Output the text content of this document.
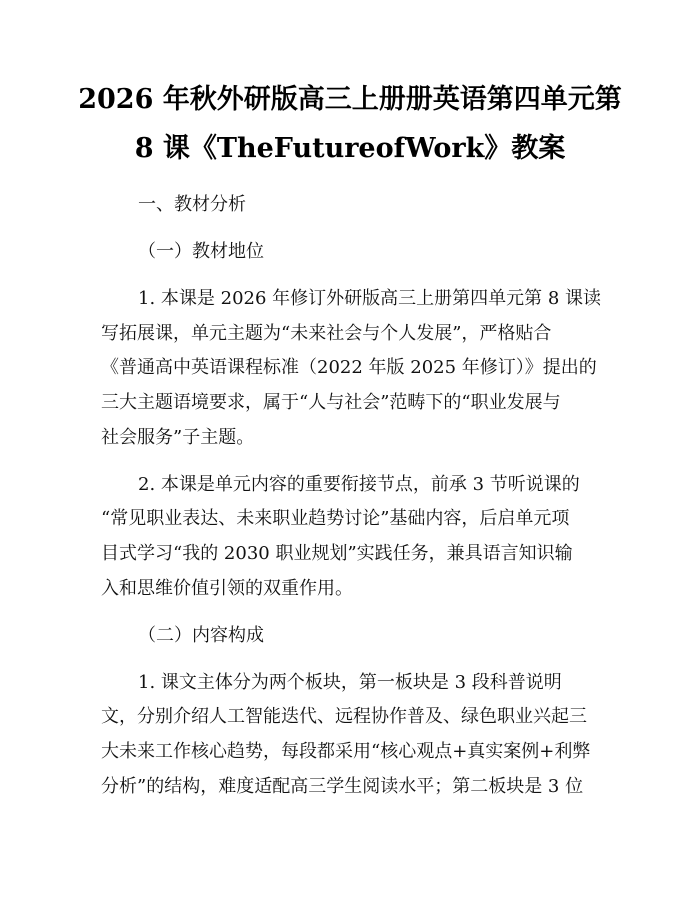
2026 年秋外研版高三上册册英语第四单元第
8 课《TheFutureofWork》教案
一、教材分析
（一）教材地位
1. 本课是 2026 年修订外研版高三上册第四单元第 8 课读
写拓展课，单元主题为“未来社会与个人发展”，严格贴合
《普通高中英语课程标准（2022 年版 2025 年修订）》提出的
三大主题语境要求，属于“人与社会”范畴下的“职业发展与
社会服务”子主题。
2. 本课是单元内容的重要衔接节点，前承 3 节听说课的
“常见职业表达、未来职业趋势讨论”基础内容，后启单元项
目式学习“我的 2030 职业规划”实践任务，兼具语言知识输
入和思维价值引领的双重作用。
（二）内容构成
1. 课文主体分为两个板块，第一板块是 3 段科普说明
文，分别介绍人工智能迭代、远程协作普及、绿色职业兴起三
大未来工作核心趋势，每段都采用“核心观点+真实案例+利弊
分析”的结构，难度适配高三学生阅读水平；第二板块是 3 位
